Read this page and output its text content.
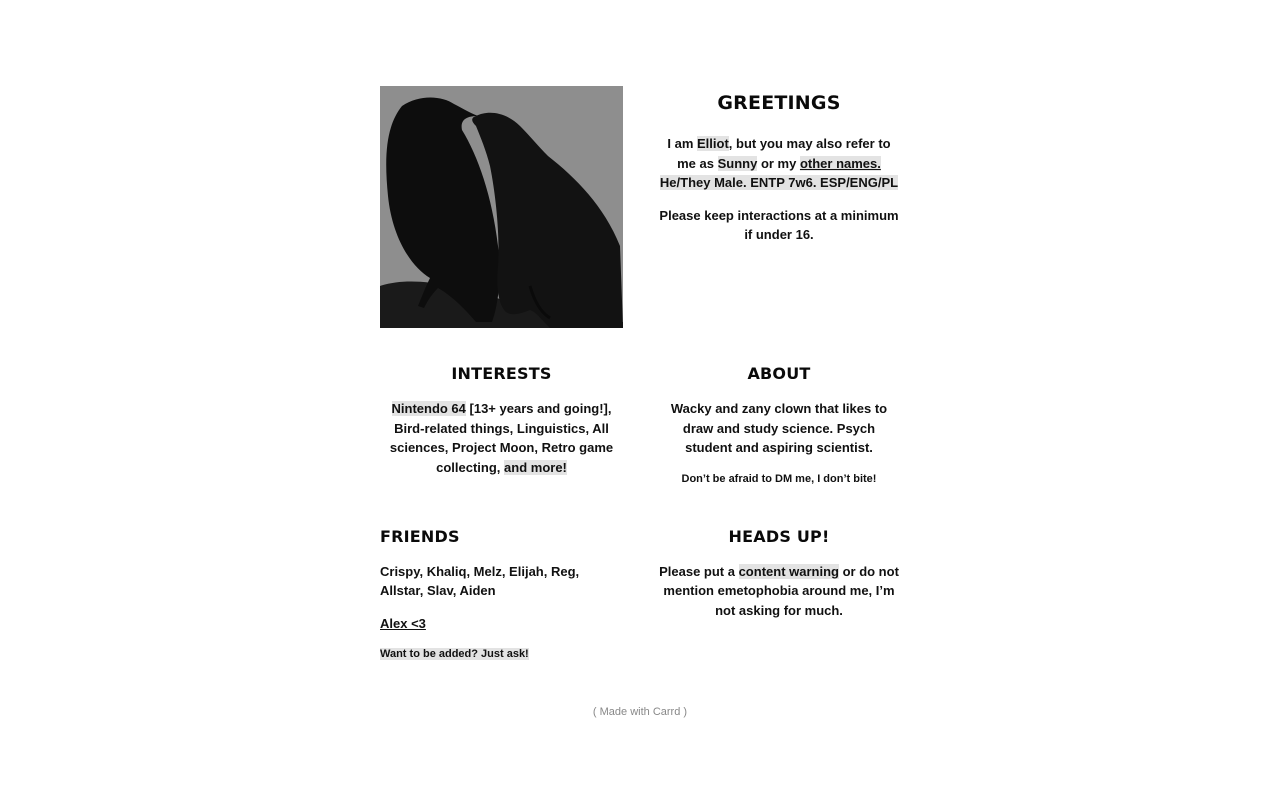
GREETINGS

I am Elliot, but you may also refer to me as Sunny or my other names. He/They Male. ENTP 7w6. ESP/ENG/PL

Please keep interactions at a minimum if under 16.

INTERESTS

Nintendo 64 [13+ years and going!], Bird-related things, Linguistics, All sciences, Project Moon, Retro game collecting, and more!

ABOUT

Wacky and zany clown that likes to draw and study science. Psych student and aspiring scientist.

Don’t be afraid to DM me, I don’t bite!

FRIENDS

Crispy, Khaliq, Melz, Elijah, Reg, Allstar, Slav, Aiden

Alex <3

Want to be added? Just ask!

HEADS UP!

Please put a content warning or do not mention emetophobia around me, I’m not asking for much.

( Made with Carrd )
